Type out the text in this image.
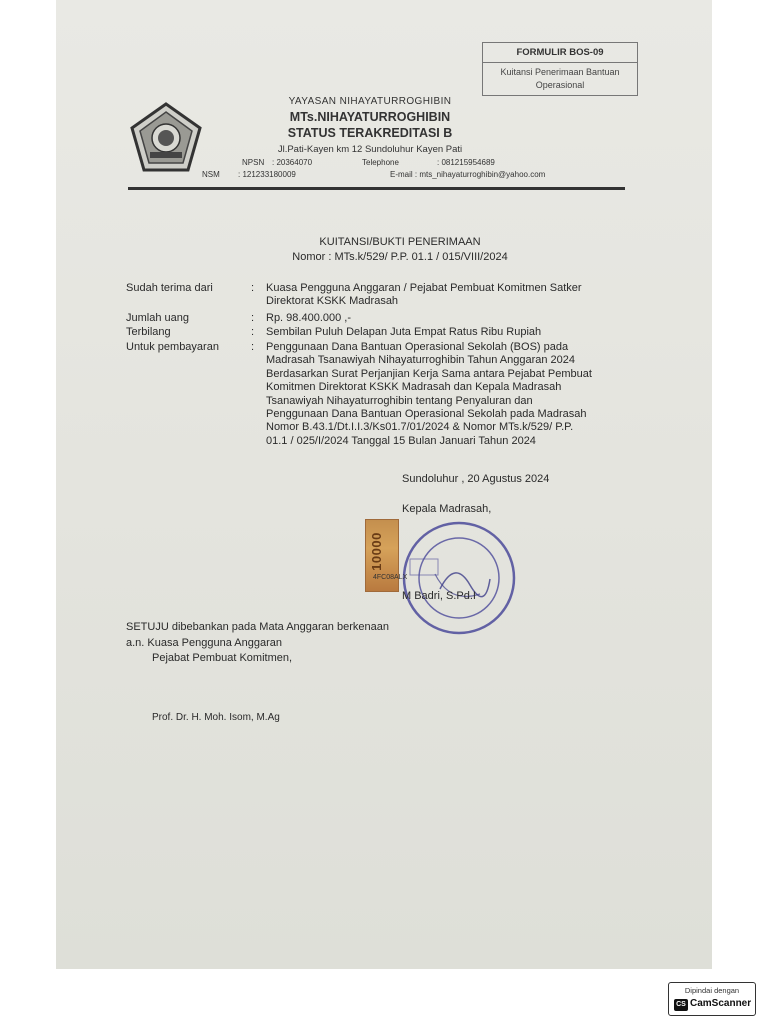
FORMULIR BOS-09
Kuitansi Penerimaan Bantuan
Operasional
YAYASAN NIHAYATURROGHIBIN
MTs.NIHAYATURROGHIBIN
STATUS TERAKREDITASI B
Jl.Pati-Kayen km 12 Sundoluhur Kayen Pati
NPSN : 20364070	Telephone	: 081215954689
NSM : 121233180009	E-mail : mts_nihayaturroghibin@yahoo.com
KUITANSI/BUKTI PENERIMAAN
Nomor : MTs.k/529/ P.P. 01.1 / 015/VIII/2024
Sudah terima dari	: Kuasa Pengguna Anggaran / Pejabat Pembuat Komitmen Satker
Direktorat KSKK Madrasah
Jumlah uang	: Rp. 98.400.000 ,-
Terbilang	: Sembilan Puluh Delapan Juta Empat Ratus Ribu Rupiah
Untuk pembayaran	: Penggunaan Dana Bantuan Operasional Sekolah (BOS) pada
Madrasah Tsanawiyah Nihayaturroghibin Tahun Anggaran 2024
Berdasarkan Surat Perjanjian Kerja Sama antara Pejabat Pembuat
Komitmen Direktorat KSKK Madrasah dan Kepala Madrasah
Tsanawiyah Nihayaturroghibin tentang Penyaluran dan
Penggunaan Dana Bantuan Operasional Sekolah pada Madrasah
Nomor B.43.1/Dt.I.I.3/Ks01.7/01/2024 & Nomor MTs.k/529/ P.P.
01.1 / 025/I/2024 Tanggal 15 Bulan Januari Tahun 2024
Sundoluhur , 20 Agustus 2024
Kepala Madrasah,
10000
4FC08ALX
M Badri, S.Pd.I
SETUJU dibebankan pada Mata Anggaran berkenaan
a.n. Kuasa Pengguna Anggaran
Pejabat Pembuat Komitmen,
Prof. Dr. H. Moh. Isom, M.Ag
Dipindai dengan
CS CamScanner
